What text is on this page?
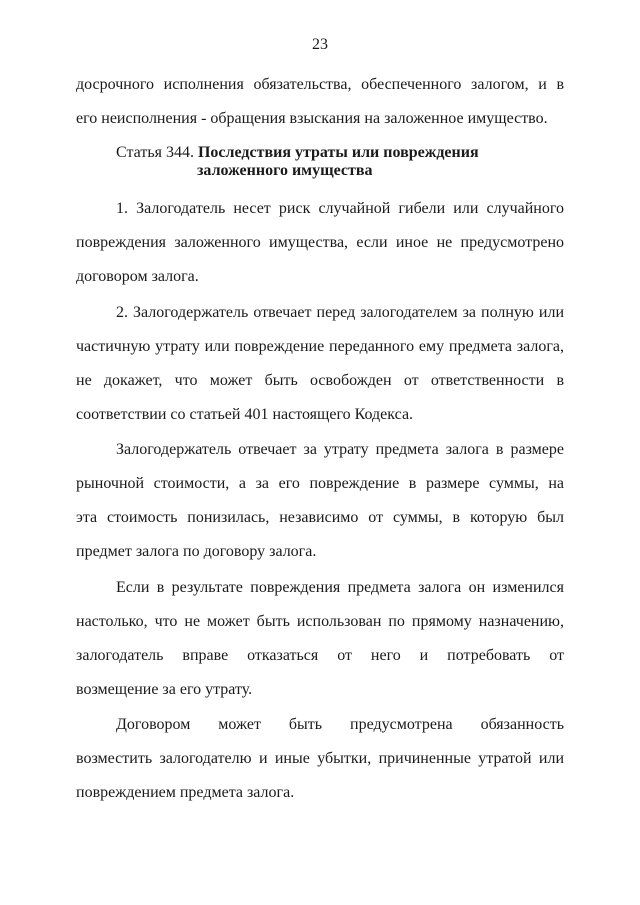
23
досрочного исполнения обязательства, обеспеченного залогом, и в
его неисполнения - обращения взыскания на заложенное имущество.
Статья 344. Последствия утраты или повреждения
заложенного имущества
1. Залогодатель несет риск случайной гибели или случайного
повреждения заложенного имущества, если иное не предусмотрено
договором залога.
2. Залогодержатель отвечает перед залогодателем за полную или
частичную утрату или повреждение переданного ему предмета залога,
не докажет, что может быть освобожден от ответственности в
соответствии со статьей 401 настоящего Кодекса.
Залогодержатель отвечает за утрату предмета залога в размере
рыночной стоимости, а за его повреждение в размере суммы, на
эта стоимость понизилась, независимо от суммы, в которую был
предмет залога по договору залога.
Если в результате повреждения предмета залога он изменился
настолько, что не может быть использован по прямому назначению,
залогодатель вправе отказаться от него и потребовать от
возмещение за его утрату.
Договором может быть предусмотрена обязанность
возместить залогодателю и иные убытки, причиненные утратой или
повреждением предмета залога.
